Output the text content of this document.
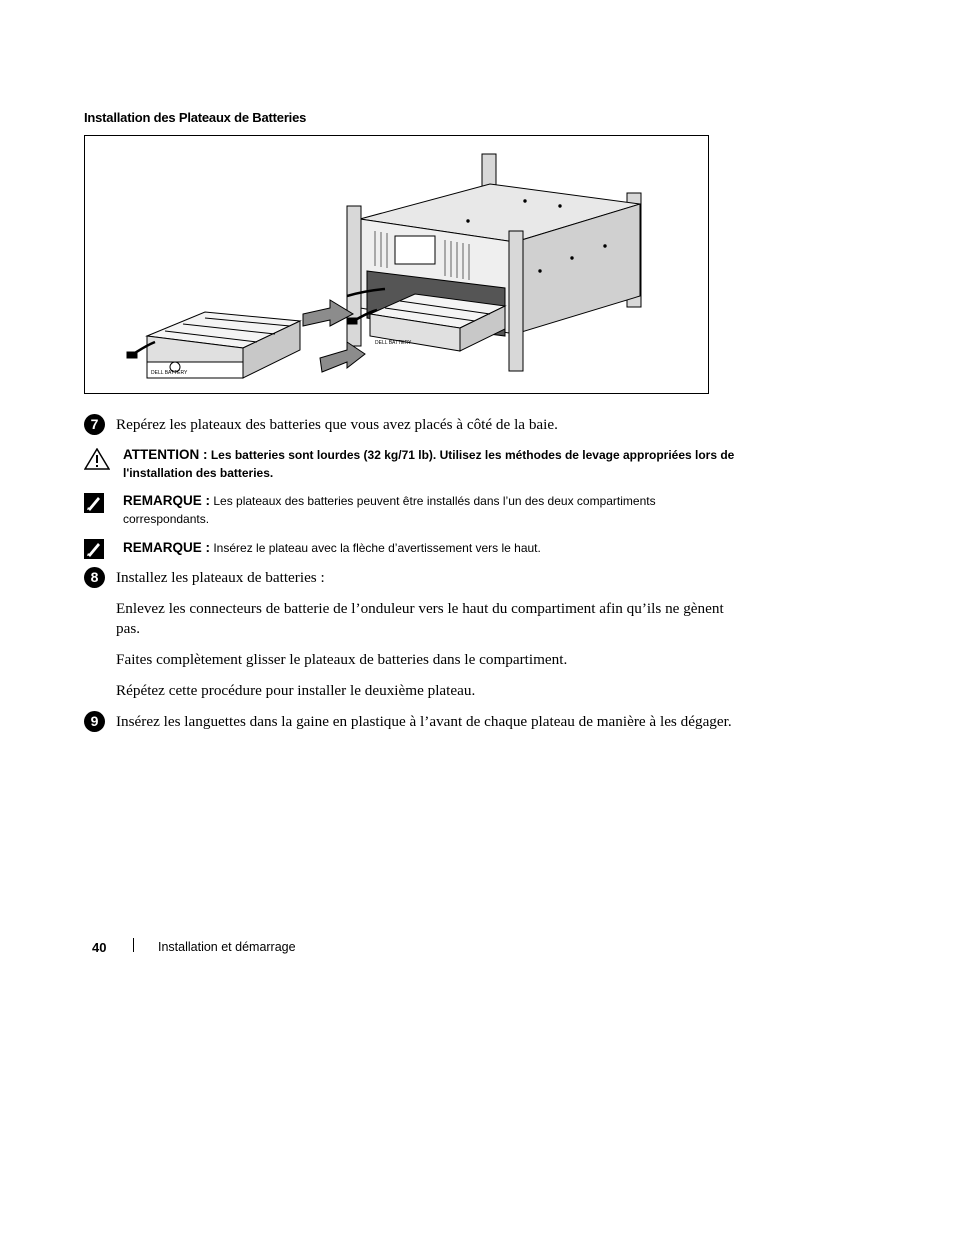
Installation des Plateaux de Batteries
DELL BATTERY
DELL BATTERY
7	Repérez les plateaux des batteries que vous avez placés à côté de la baie.
ATTENTION : Les batteries sont lourdes (32 kg/71 lb). Utilisez les méthodes de levage appropriées lors de l'installation des batteries.
REMARQUE : Les plateaux des batteries peuvent être installés dans l’un des deux compartiments correspondants.
REMARQUE : Insérez le plateau avec la flèche d’avertissement vers le haut.
8	Installez les plateaux de batteries :
Enlevez les connecteurs de batterie de l’onduleur vers le haut du compartiment afin qu’ils ne gènent pas.
Faites complètement glisser le plateaux de batteries dans le compartiment.
Répétez cette procédure pour installer le deuxième plateau.
9	Insérez les languettes dans la gaine en plastique à l’avant de chaque plateau de manière à les dégager.
40	Installation et démarrage
